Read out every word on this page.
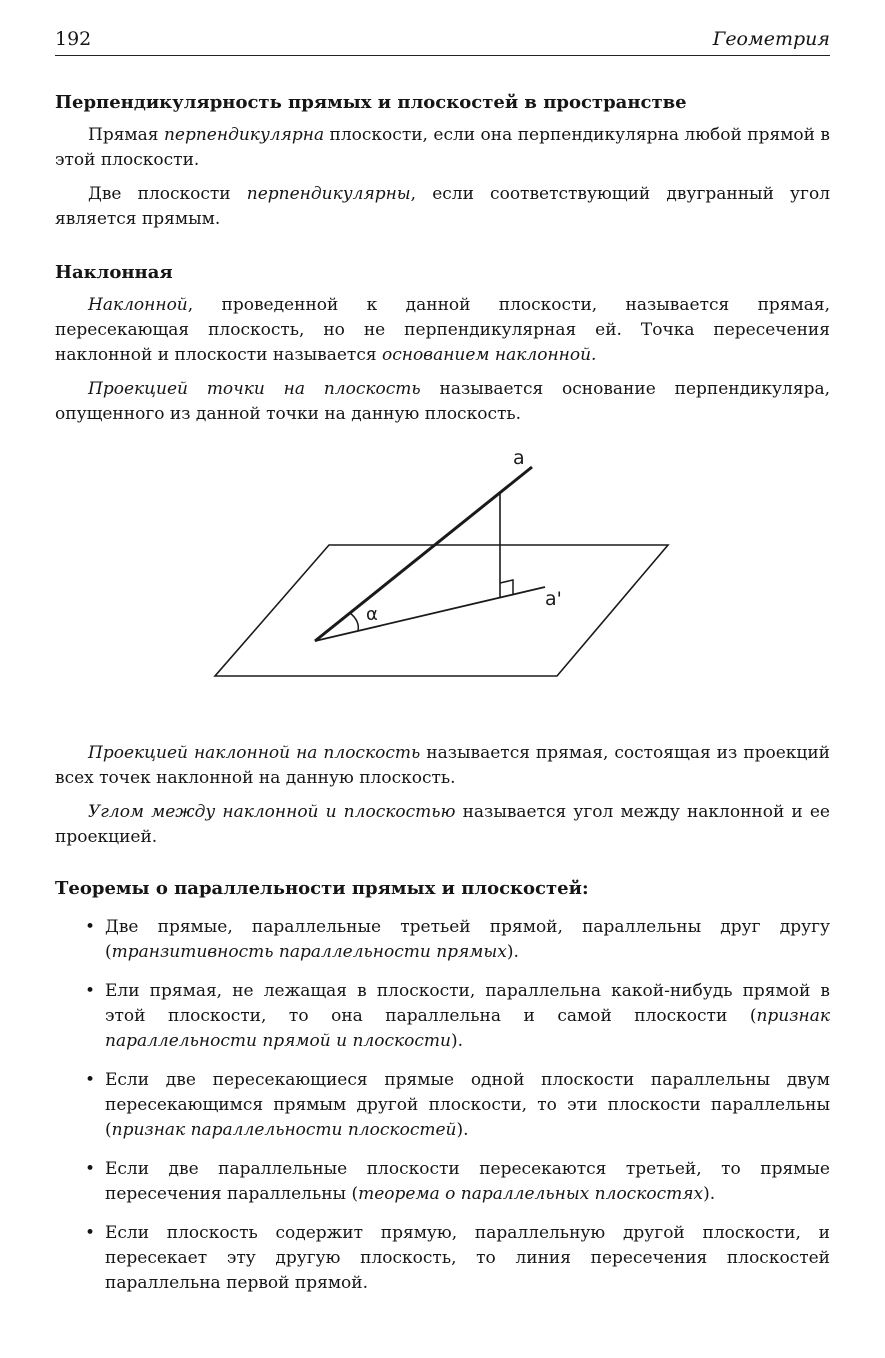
192	Геометрия
Перпендикулярность прямых и плоскостей в пространстве

Прямая перпендикулярна плоскости, если она перпендикулярна любой прямой в этой плоскости.

Две плоскости перпендикулярны, если соответствующий двугранный угол является прямым.

Наклонная

Наклонной, проведенной к данной плоскости, называется прямая, пересекающая плоскость, но не перпендикулярная ей. Точка пересечения наклонной и плоскости называется основанием наклонной.

Проекцией точки на плоскость называется основание перпендикуляра, опущенного из данной точки на данную плоскость.

a
a'
α

Проекцией наклонной на плоскость называется прямая, состоящая из проекций всех точек наклонной на данную плоскость.

Углом между наклонной и плоскостью называется угол между наклонной и ее проекцией.

Теоремы о параллельности прямых и плоскостей:
• Две прямые, параллельные третьей прямой, параллельны друг другу (транзитивность параллельности прямых).
• Ели прямая, не лежащая в плоскости, параллельна какой-нибудь прямой в этой плоскости, то она параллельна и самой плоскости (признак параллельности прямой и плоскости).
• Если две пересекающиеся прямые одной плоскости параллельны двум пересекающимся прямым другой плоскости, то эти плоскости параллельны (признак параллельности плоскостей).
• Если две параллельные плоскости пересекаются третьей, то прямые пересечения параллельны (теорема о параллельных плоскостях).
• Если плоскость содержит прямую, параллельную другой плоскости, и пересекает эту другую плоскость, то линия пересечения плоскостей параллельна первой прямой.
